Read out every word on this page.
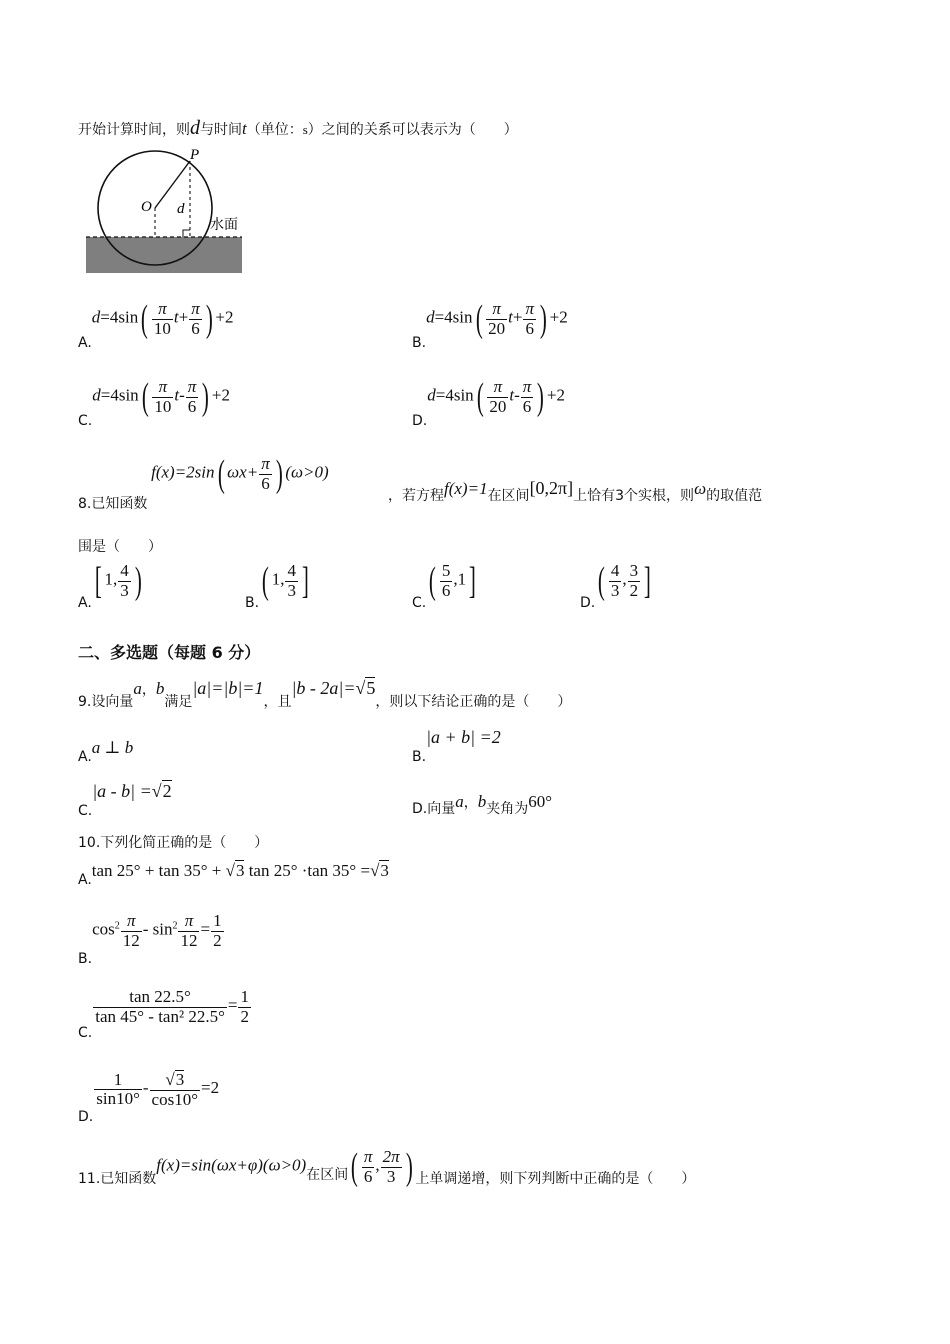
开始计算时间，则d与时间t（单位：s）之间的关系可以表示为（　　）
P
O d
水面
$A.d=4\sin( \frac{\pi}{10} t+ \frac{\pi}{6}$ ) +2
$B.d=4\sin( \frac{\pi}{20} t+ \frac{\pi}{6}$ ) +2
$C.d=4\sin( \frac{\pi}{10} t- \frac{\pi}{6}$ ) +2
$D.d=4\sin( \frac{\pi}{20} t- \frac{\pi}{6}$ ) +2
8.已知函数 f(x)=2sin( $\omega x+ \frac{\pi}{6}$ ) (ω>0)
，若方程f(x)=1在区间[0,2π]上恰有3个实根，则ω的取值范
围是（　　）
A.[ 1, $\frac{4}{3}$ )
B.( 1, $\frac{4}{3}$ ]
$C.( \frac{5}{6} ,1]$
$D.( \frac{4}{3}$ , $\frac{3}{2}$ ]
二、多选题（每题 6 分）
9.设向量a，b满足|a|=|b|=1，且|b - 2a|=√5，则以下结论正确的是（　　）
A.a ⊥ b	B.|a + b| =2
C.|a - b| =√2
D.向量a，b夹角为60°
10.下列化简正确的是（　　）
A.tan 25° + tan 35° + √3 tan 25° ·tan 35° =√3
$B.\cos^2 \frac{\pi}{12} - \sin^2 \frac{\pi}{12} = \frac{1}{2}$
C.
$\frac{\tan 22.5^\circ}{\text{tan 45° - tan² 22.5°}} = \frac{1}{2}$
D.
$\frac{1}{\sin 10^\circ} - \frac{√3}{\cos 10^\circ} =2$
11.已知函数f(x)=sin(ωx+φ)(ω>0)在区间( $\frac{\pi}{6}$ , $\frac{2\pi}{3}$ ) 上单调递增，则下列判断中正确的是（　　）
